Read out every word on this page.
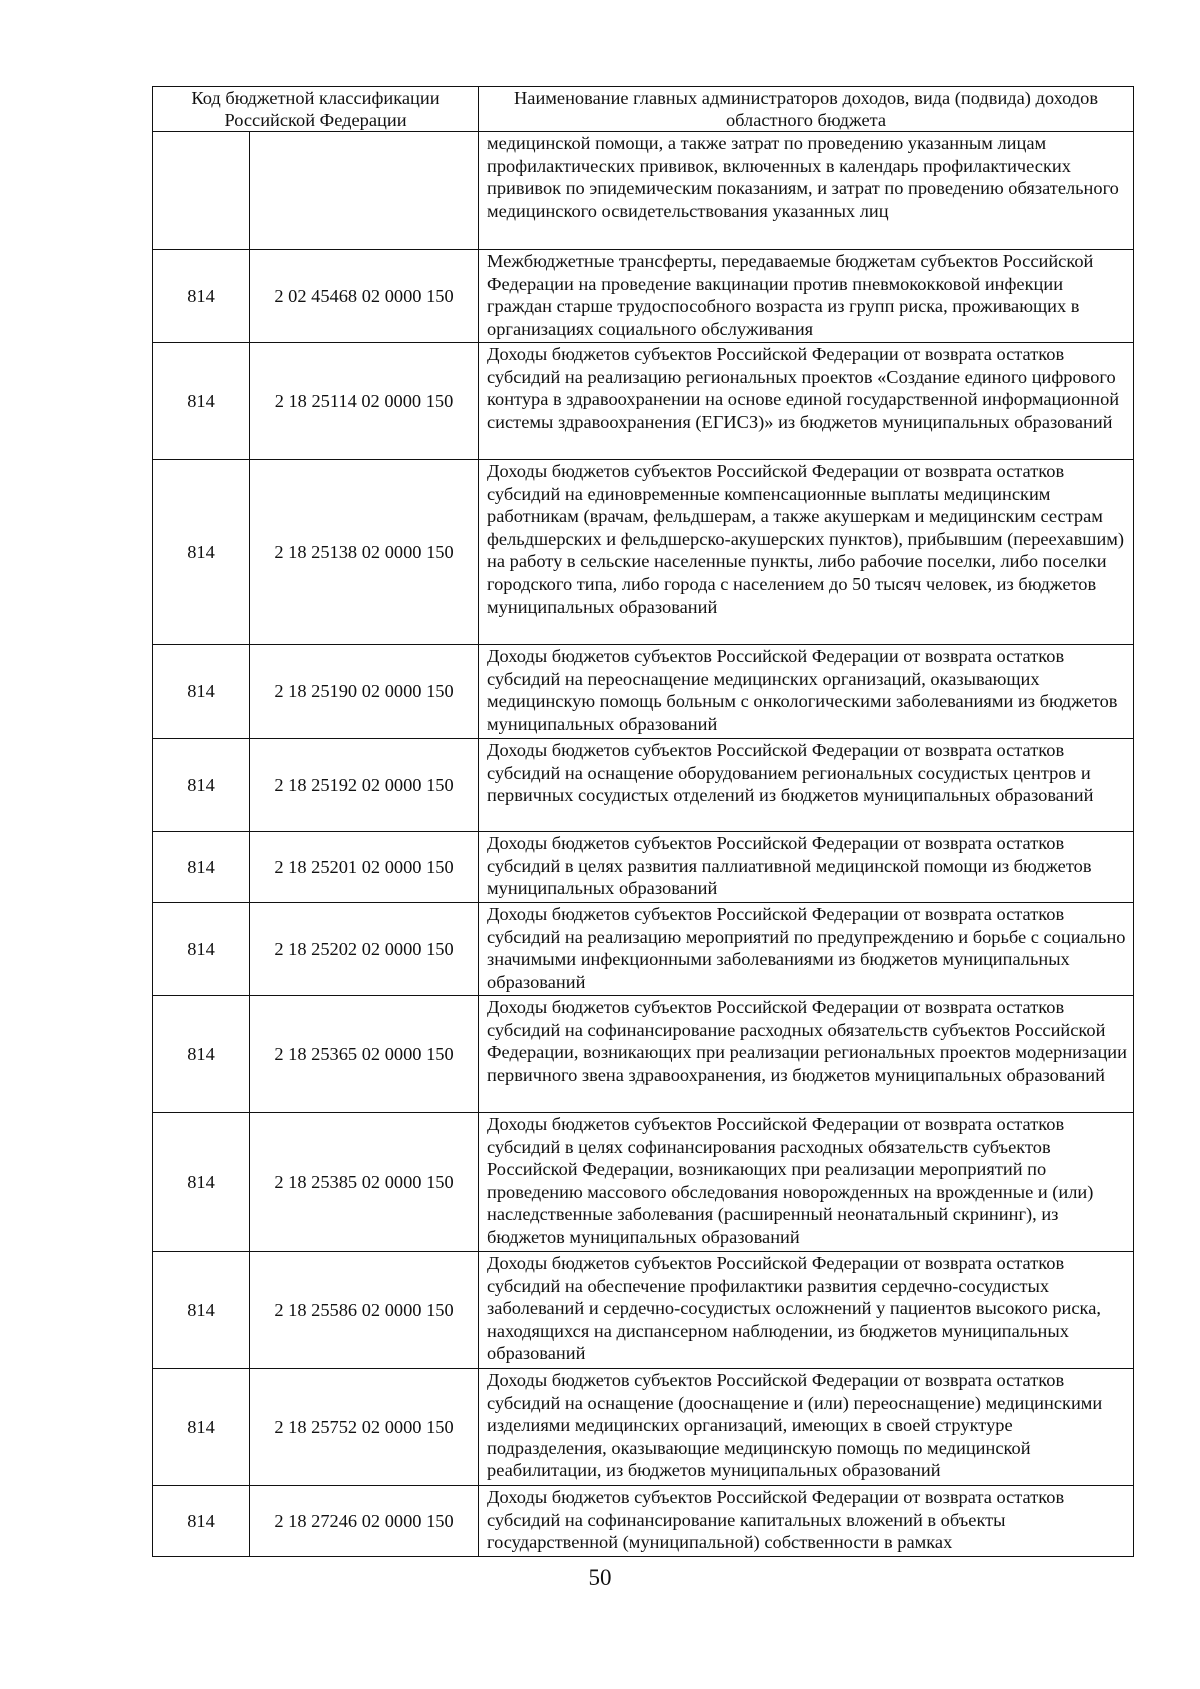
Код бюджетной классификации Российской Федерации		Наименование главных администраторов доходов, вида (подвида) доходов областного бюджета
		медицинской помощи, а также затрат по проведению указанным лицам профилактических прививок, включенных в календарь профилактических прививок по эпидемическим показаниям, и затрат по проведению обязательного медицинского освидетельствования указанных лиц
814	2 02 45468 02 0000 150	Межбюджетные трансферты, передаваемые бюджетам субъектов Российской Федерации на проведение вакцинации против пневмококковой инфекции граждан старше трудоспособного возраста из групп риска, проживающих в организациях социального обслуживания
814	2 18 25114 02 0000 150	Доходы бюджетов субъектов Российской Федерации от возврата остатков субсидий на реализацию региональных проектов «Создание единого цифрового контура в здравоохранении на основе единой государственной информационной системы здравоохранения (ЕГИСЗ)» из бюджетов муниципальных образований
814	2 18 25138 02 0000 150	Доходы бюджетов субъектов Российской Федерации от возврата остатков субсидий на единовременные компенсационные выплаты медицинским работникам (врачам, фельдшерам, а также акушеркам и медицинским сестрам фельдшерских и фельдшерско-акушерских пунктов), прибывшим (переехавшим) на работу в сельские населенные пункты, либо рабочие поселки, либо поселки городского типа, либо города с населением до 50 тысяч человек, из бюджетов муниципальных образований
814	2 18 25190 02 0000 150	Доходы бюджетов субъектов Российской Федерации от возврата остатков субсидий на переоснащение медицинских организаций, оказывающих медицинскую помощь больным с онкологическими заболеваниями из бюджетов муниципальных образований
814	2 18 25192 02 0000 150	Доходы бюджетов субъектов Российской Федерации от возврата остатков субсидий на оснащение оборудованием региональных сосудистых центров и первичных сосудистых отделений из бюджетов муниципальных образований
814	2 18 25201 02 0000 150	Доходы бюджетов субъектов Российской Федерации от возврата остатков субсидий в целях развития паллиативной медицинской помощи из бюджетов муниципальных образований
814	2 18 25202 02 0000 150	Доходы бюджетов субъектов Российской Федерации от возврата остатков субсидий на реализацию мероприятий по предупреждению и борьбе с социально значимыми инфекционными заболеваниями из бюджетов муниципальных образований
814	2 18 25365 02 0000 150	Доходы бюджетов субъектов Российской Федерации от возврата остатков субсидий на софинансирование расходных обязательств субъектов Российской Федерации, возникающих при реализации региональных проектов модернизации первичного звена здравоохранения, из бюджетов муниципальных образований
814	2 18 25385 02 0000 150	Доходы бюджетов субъектов Российской Федерации от возврата остатков субсидий в целях софинансирования расходных обязательств субъектов Российской Федерации, возникающих при реализации мероприятий по проведению массового обследования новорожденных на врожденные и (или) наследственные заболевания (расширенный неонатальный скрининг), из бюджетов муниципальных образований
814	2 18 25586 02 0000 150	Доходы бюджетов субъектов Российской Федерации от возврата остатков субсидий на обеспечение профилактики развития сердечно-сосудистых заболеваний и сердечно-сосудистых осложнений у пациентов высокого риска, находящихся на диспансерном наблюдении, из бюджетов муниципальных образований
814	2 18 25752 02 0000 150	Доходы бюджетов субъектов Российской Федерации от возврата остатков субсидий на оснащение (дооснащение и (или) переоснащение) медицинскими изделиями медицинских организаций, имеющих в своей структуре подразделения, оказывающие медицинскую помощь по медицинской реабилитации, из бюджетов муниципальных образований
814	2 18 27246 02 0000 150	Доходы бюджетов субъектов Российской Федерации от возврата остатков субсидий на софинансирование капитальных вложений в объекты государственной (муниципальной) собственности в рамках
50
